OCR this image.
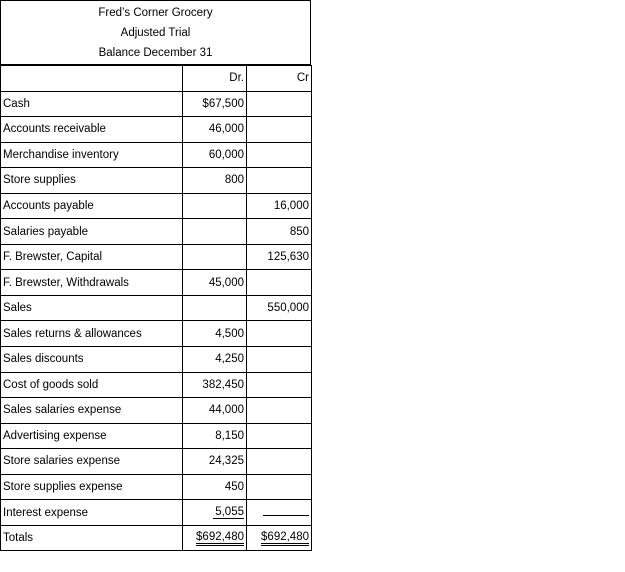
Fred’s Corner Grocery
Adjusted Trial
Balance December 31
	Dr.	Cr
Cash	$67,500	
Accounts receivable	46,000	
Merchandise inventory	60,000	
Store supplies	800	
Accounts payable		16,000
Salaries payable		850
F. Brewster, Capital		125,630
F. Brewster, Withdrawals	45,000	
Sales		550,000
Sales returns & allowances	4,500	
Sales discounts	4,250	
Cost of goods sold	382,450	
Sales salaries expense	44,000	
Advertising expense	8,150	
Store salaries expense	24,325	
Store supplies expense	450	
Interest expense	5,055	
Totals	$692,480	$692,480
